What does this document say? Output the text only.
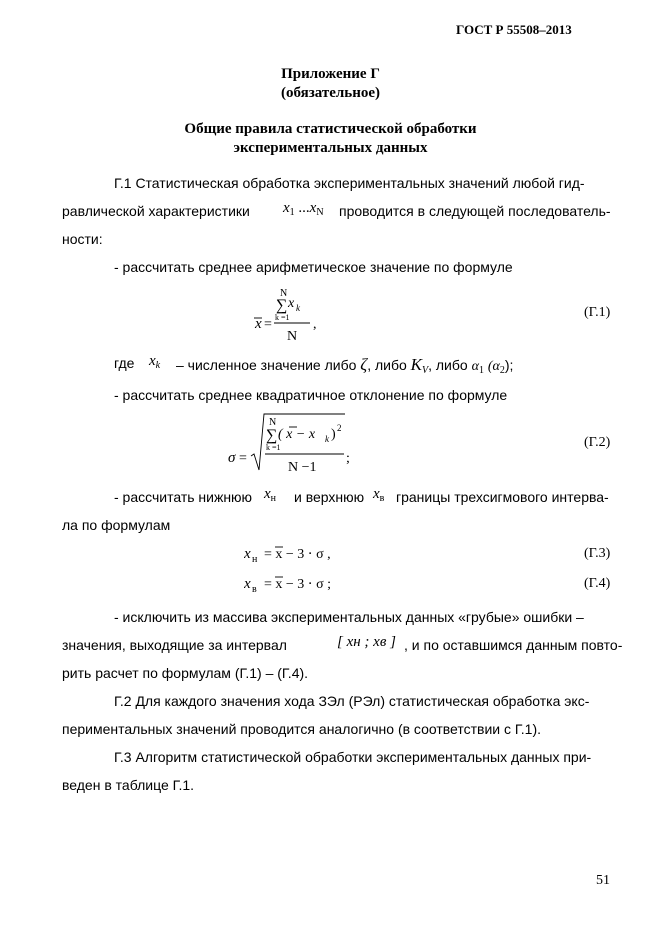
ГОСТ Р 55508–2013
Приложение Г
(обязательное)
Общие правила статистической обработки
экспериментальных данных
Г.1 Статистическая обработка экспериментальных значений любой гид-
равлической характеристики $x_1$ $...x_N$ проводится в следующей последователь-
ности:
- рассчитать среднее арифметическое значение по формуле
N
∑ x k
k =1
N
x =	,
(Г.1)
где $x_k$ – численное значение либо ζ, либо $K_V$, либо $\alpha_1$ $(\alpha_2)$;
- рассчитать среднее квадратичное отклонение по формуле
σ =
N
∑ ( x − x k ) 2
k =1
N −1
;
(Г.2)
- рассчитать нижнюю $x_н$ и верхнюю $x_в$ границы трехсигмового интерва-
ла по формулам
x н = x − 3 ⋅ σ ,	(Г.3)
x в = x − 3 ⋅ σ ;	(Г.4)
- исключить из массива экспериментальных данных «грубые» ошибки –
значения, выходящие за интервал	[ xн ; xв ] , и по оставшимся данным повто-
рить расчет по формулам (Г.1) – (Г.4).
Г.2 Для каждого значения хода ЗЭл (РЭл) статистическая обработка экс-
периментальных значений проводится аналогично (в соответствии с Г.1).
Г.3 Алгоритм статистической обработки экспериментальных данных при-
веден в таблице Г.1.
51
